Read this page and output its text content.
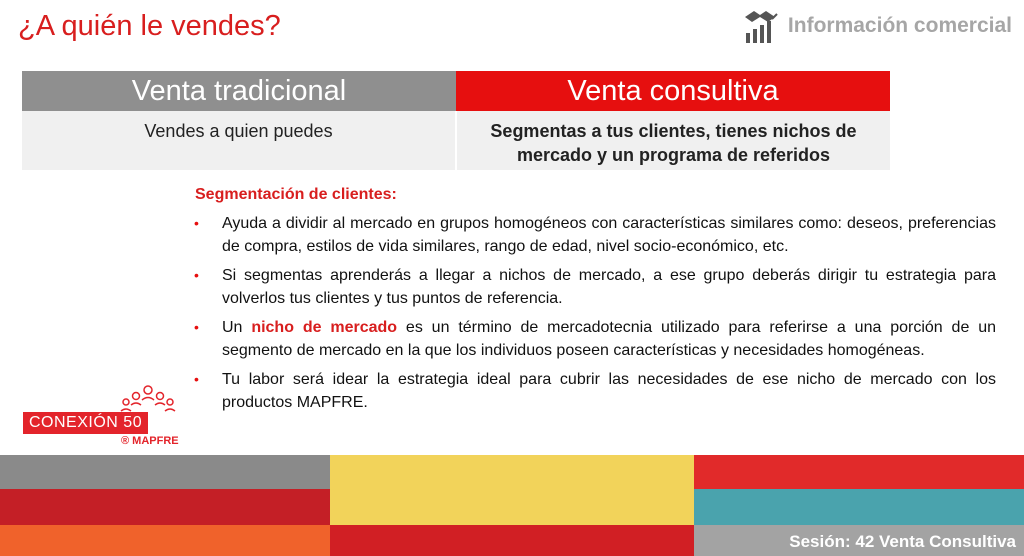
¿A quién le vendes?	Información comercial
Venta tradicional	Venta consultiva
Vendes a quien puedes	Segmentas a tus clientes, tienes nichos de mercado y un programa de referidos
Segmentación de clientes:
• Ayuda a dividir al mercado en grupos homogéneos con características similares como: deseos, preferencias de compra, estilos de vida similares, rango de edad, nivel socio-económico, etc.
• Si segmentas aprenderás a llegar a nichos de mercado, a ese grupo deberás dirigir tu estrategia para volverlos tus clientes y tus puntos de referencia.
• Un nicho de mercado es un término de mercadotecnia utilizado para referirse a una porción de un segmento de mercado en la que los individuos poseen características y necesidades homogéneas.
• Tu labor será idear la estrategia ideal para cubrir las necesidades de ese nicho de mercado con los productos MAPFRE.
CONEXIÓN 50
® MAPFRE
Sesión: 42 Venta Consultiva
